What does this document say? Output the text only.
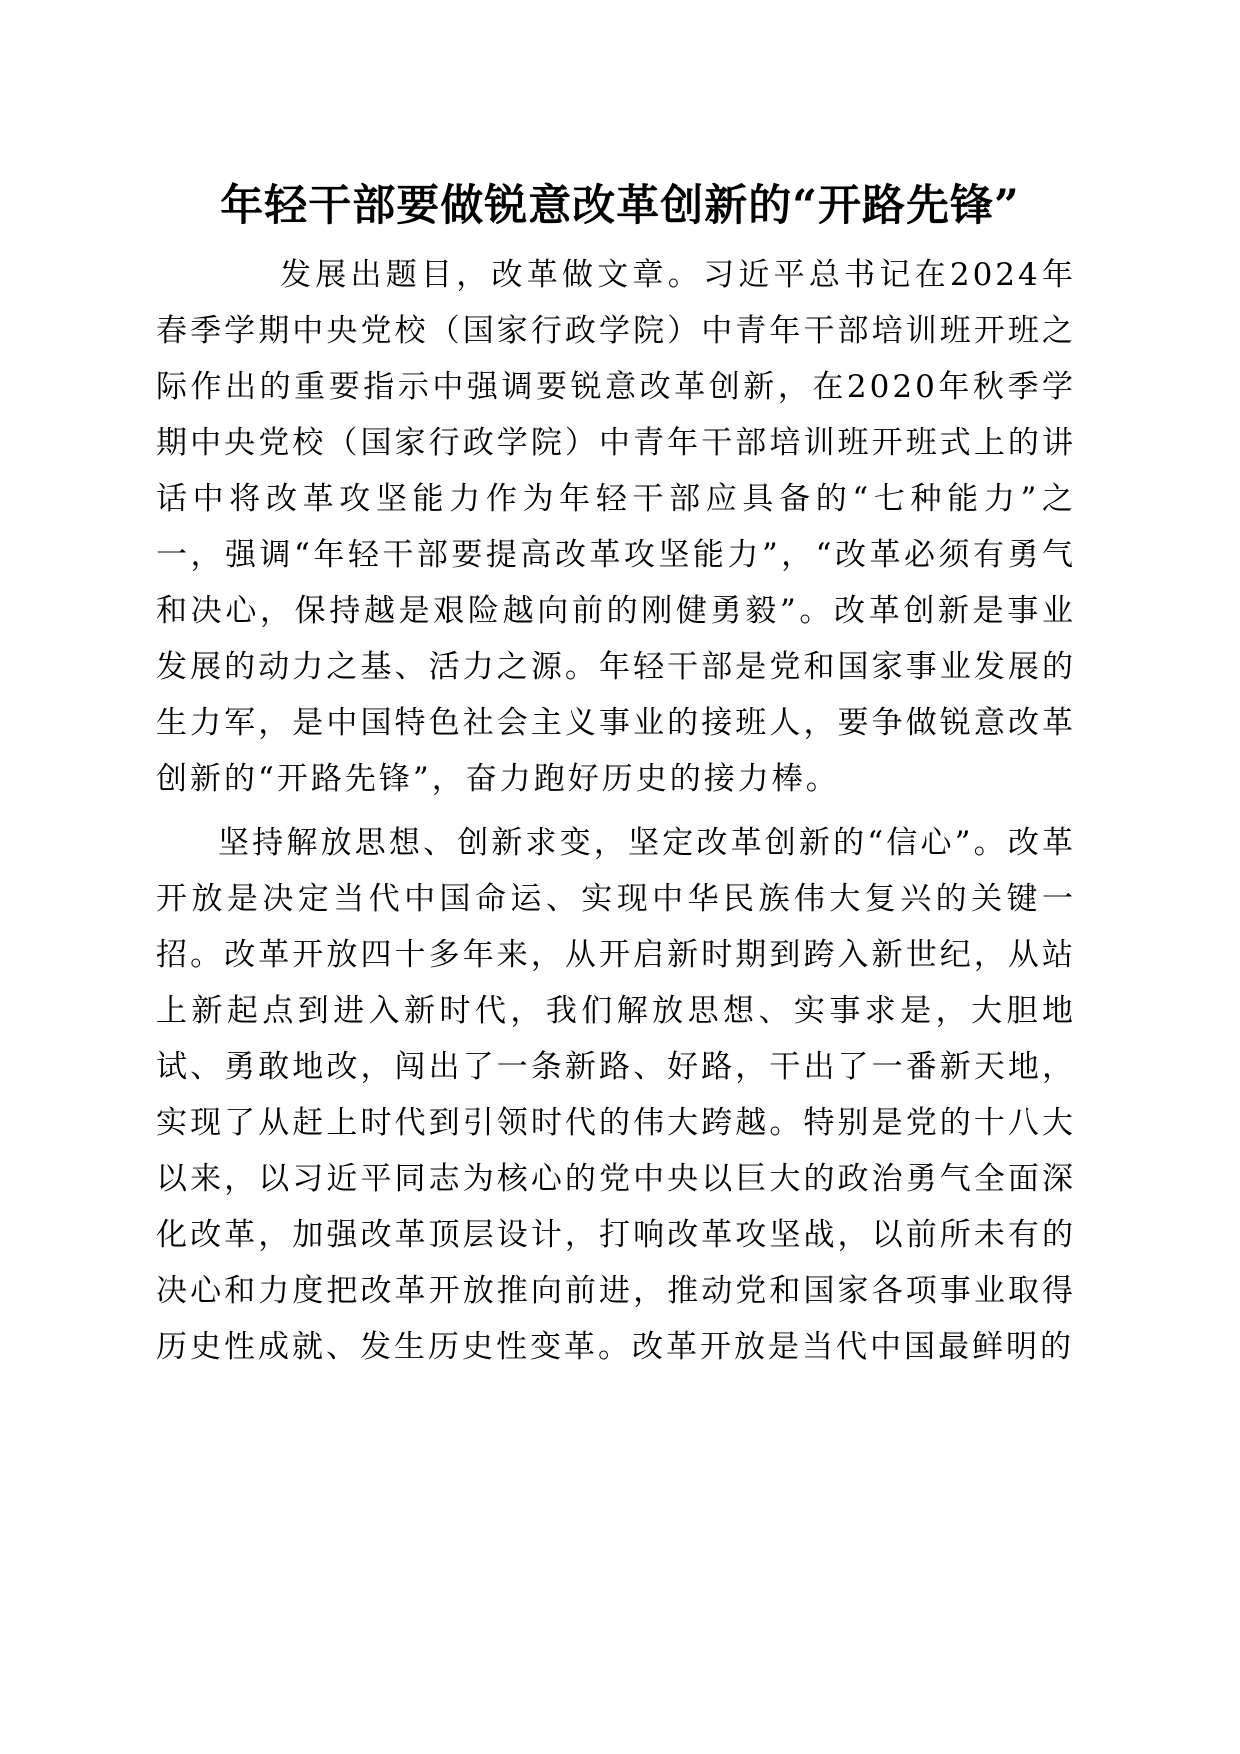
年轻干部要做锐意改革创新的“开路先锋”

发展出题目，改革做文章。习近平总书记在2024年春季学期中央党校（国家行政学院）中青年干部培训班开班之际作出的重要指示中强调要锐意改革创新，在2020年秋季学期中央党校（国家行政学院）中青年干部培训班开班式上的讲话中将改革攻坚能力作为年轻干部应具备的“七种能力”之一，强调“年轻干部要提高改革攻坚能力”，“改革必须有勇气和决心，保持越是艰险越向前的刚健勇毅”。改革创新是事业发展的动力之基、活力之源。年轻干部是党和国家事业发展的生力军，是中国特色社会主义事业的接班人，要争做锐意改革创新的“开路先锋”，奋力跑好历史的接力棒。

坚持解放思想、创新求变，坚定改革创新的“信心”。改革开放是决定当代中国命运、实现中华民族伟大复兴的关键一招。改革开放四十多年来，从开启新时期到跨入新世纪，从站上新起点到进入新时代，我们解放思想、实事求是，大胆地试、勇敢地改，闯出了一条新路、好路，干出了一番新天地，实现了从赶上时代到引领时代的伟大跨越。特别是党的十八大以来，以习近平同志为核心的党中央以巨大的政治勇气全面深化改革，加强改革顶层设计，打响改革攻坚战，以前所未有的决心和力度把改革开放推向前进，推动党和国家各项事业取得历史性成就、发生历史性变革。改革开放是当代中国最鲜明的
